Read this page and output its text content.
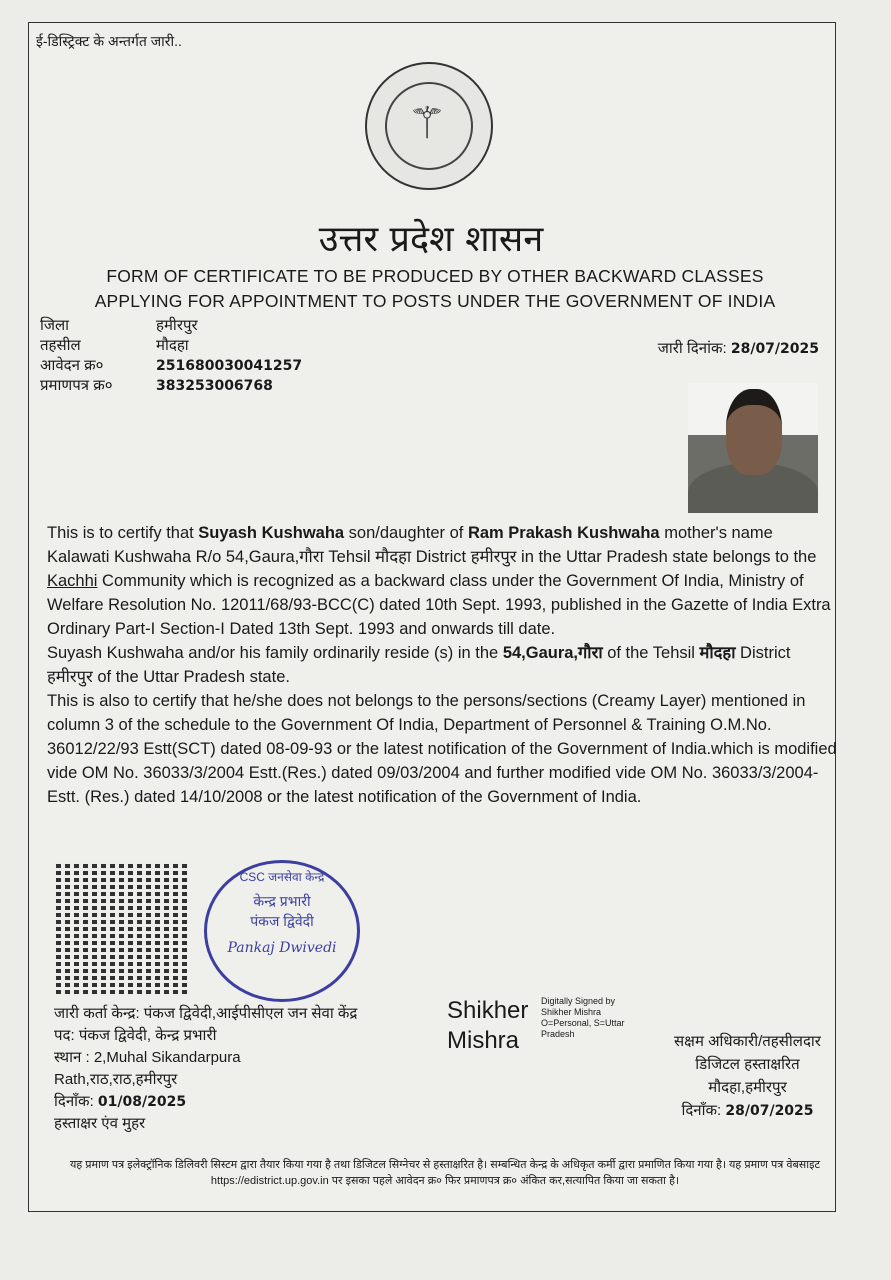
ई-डिस्ट्रिक्ट के अन्तर्गत जारी..
⚚
उत्तर प्रदेश शासन
FORM OF CERTIFICATE TO BE PRODUCED BY OTHER BACKWARD CLASSES
APPLYING FOR APPOINTMENT TO POSTS UNDER THE GOVERNMENT OF INDIA
जिला	हमीरपुर
तहसील	मौदहा
आवेदन क्र०	251680030041257
प्रमाणपत्र क्र०	383253006768
जारी दिनांक: 28/07/2025
This is to certify that Suyash Kushwaha son/daughter of Ram Prakash Kushwaha mother's name Kalawati Kushwaha R/o 54,Gaura,गौरा Tehsil मौदहा District हमीरपुर in the Uttar Pradesh state belongs to the Kachhi Community which is recognized as a backward class under the Government Of India, Ministry of Welfare Resolution No. 12011/68/93-BCC(C) dated 10th Sept. 1993, published in the Gazette of India Extra Ordinary Part-I Section-I Dated 13th Sept. 1993 and onwards till date.
Suyash Kushwaha and/or his family ordinarily reside (s) in the 54,Gaura,गौरा of the Tehsil मौदहा District हमीरपुर of the Uttar Pradesh state.
This is also to certify that he/she does not belongs to the persons/sections (Creamy Layer) mentioned in column 3 of the schedule to the Government Of India, Department of Personnel & Training O.M.No. 36012/22/93 Estt(SCT) dated 08-09-93 or the latest notification of the Government of India.which is modified vide OM No. 36033/3/2004 Estt.(Res.) dated 09/03/2004 and further modified vide OM No. 36033/3/2004-Estt. (Res.) dated 14/10/2008 or the latest notification of the Government of India.
CSC जनसेवा केन्द्र
केन्द्र प्रभारी
पंकज द्विवेदी
Pankaj Dwivedi
जारी कर्ता केन्द्र: पंकज द्विवेदी,आईपीसीएल जन सेवा केंद्र
पद: पंकज द्विवेदी, केन्द्र प्रभारी
स्थान : 2,Muhal Sikandarpura
Rath,राठ,राठ,हमीरपुर
दिनाँक: 01/08/2025
हस्ताक्षर एंव मुहर
Shikher
Mishra
Digitally Signed by Shikher Mishra O=Personal, S=Uttar Pradesh	सक्षम अधिकारी/तहसीलदार
डिजिटल हस्ताक्षरित
मौदहा,हमीरपुर
दिनाँक: 28/07/2025
यह प्रमाण पत्र इलेक्ट्रॉनिक डिलिवरी सिस्टम द्वारा तैयार किया गया है तथा डिजिटल सिग्नेचर से हस्ताक्षरित है। सम्बन्धित केन्द्र के अधिकृत कर्मी द्वारा प्रमाणित किया गया है। यह प्रमाण पत्र वेबसाइट https://edistrict.up.gov.in पर इसका पहले आवेदन क्र० फिर प्रमाणपत्र क्र० अंकित कर,सत्यापित किया जा सकता है।
